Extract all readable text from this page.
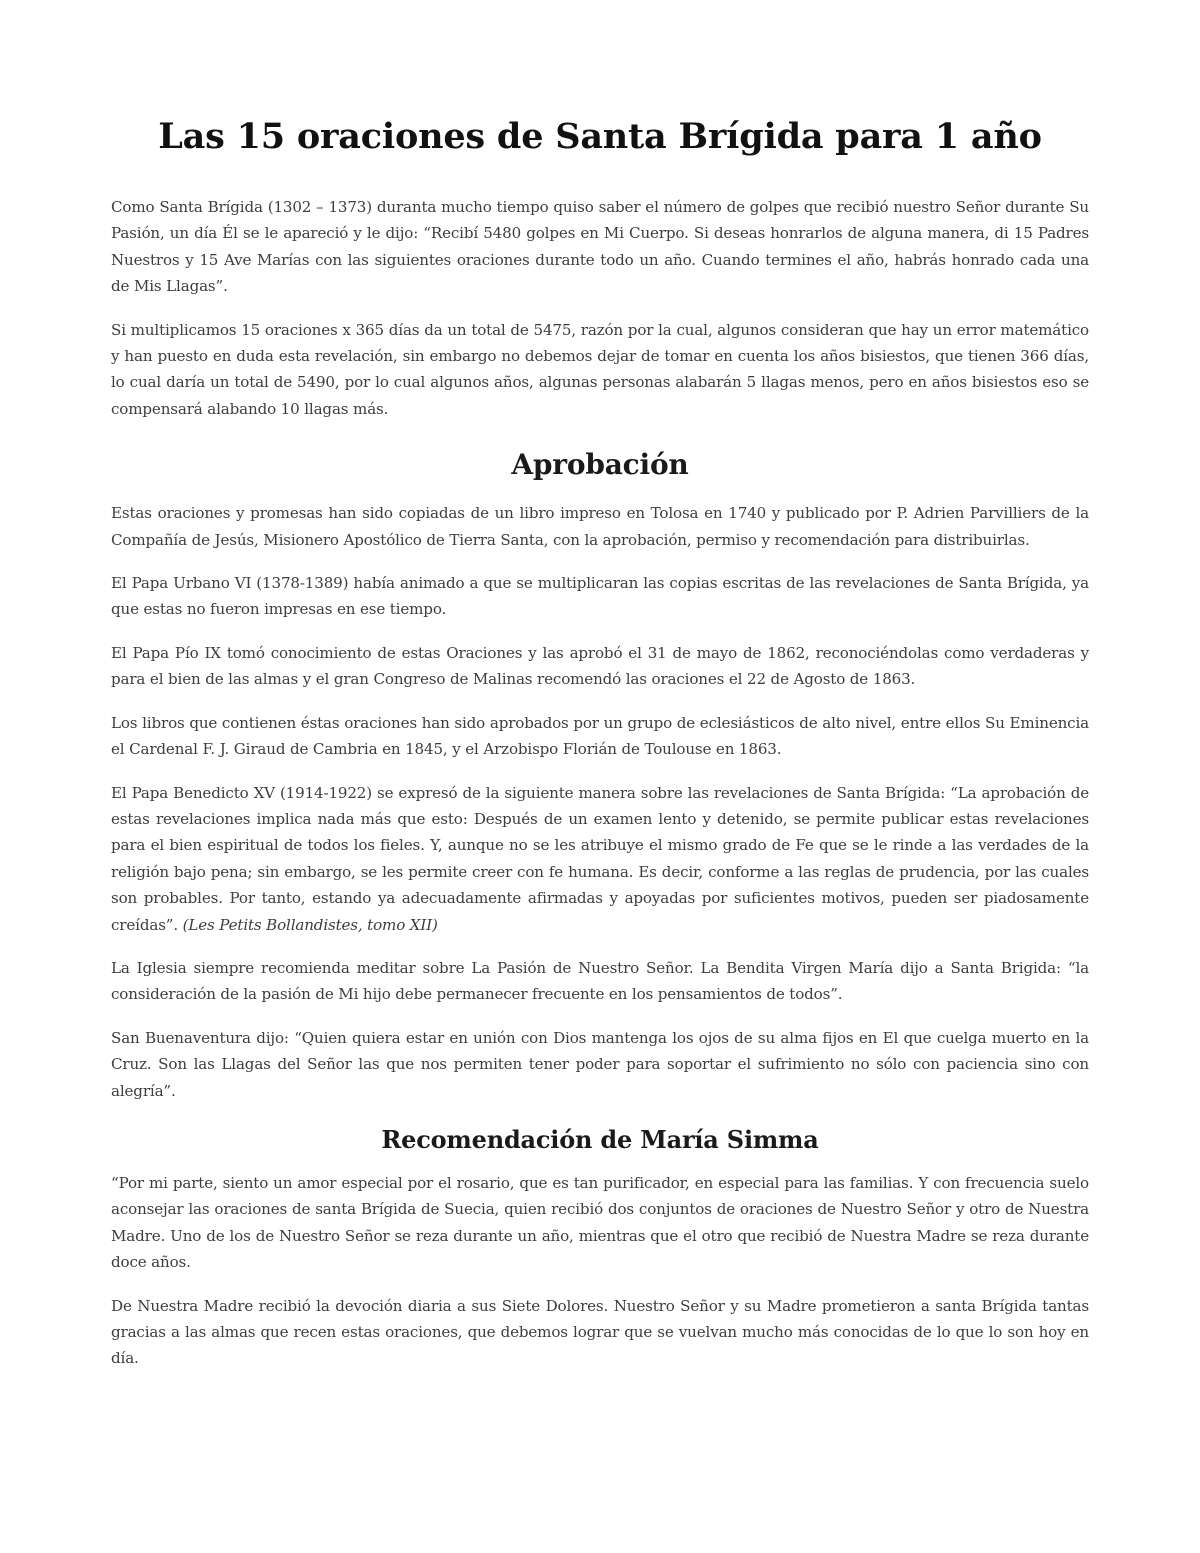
Las 15 oraciones de Santa Brígida para 1 año

Como Santa Brígida (1302 – 1373) duranta mucho tiempo quiso saber el número de golpes que recibió nuestro Señor durante Su Pasión, un día Él se le apareció y le dijo: “Recibí 5480 golpes en Mi Cuerpo. Si deseas honrarlos de alguna manera, di 15 Padres Nuestros y 15 Ave Marías con las siguientes oraciones durante todo un año. Cuando termines el año, habrás honrado cada una de Mis Llagas”.

Si multiplicamos 15 oraciones x 365 días da un total de 5475, razón por la cual, algunos consideran que hay un error matemático y han puesto en duda esta revelación, sin embargo no debemos dejar de tomar en cuenta los años bisiestos, que tienen 366 días, lo cual daría un total de 5490, por lo cual algunos años, algunas personas alabarán 5 llagas menos, pero en años bisiestos eso se compensará alabando 10 llagas más.

Aprobación

Estas oraciones y promesas han sido copiadas de un libro impreso en Tolosa en 1740 y publicado por P. Adrien Parvilliers de la Compañía de Jesús, Misionero Apostólico de Tierra Santa, con la aprobación, permiso y recomendación para distribuirlas.

El Papa Urbano VI (1378-1389) había animado a que se multiplicaran las copias escritas de las revelaciones de Santa Brígida, ya que estas no fueron impresas en ese tiempo.

El Papa Pío IX tomó conocimiento de estas Oraciones y las aprobó el 31 de mayo de 1862, reconociéndolas como verdaderas y para el bien de las almas y el gran Congreso de Malinas recomendó las oraciones el 22 de Agosto de 1863.

Los libros que contienen éstas oraciones han sido aprobados por un grupo de eclesiásticos de alto nivel, entre ellos Su Eminencia el Cardenal F. J. Giraud de Cambria en 1845, y el Arzobispo Florián de Toulouse en 1863.

El Papa Benedicto XV (1914-1922) se expresó de la siguiente manera sobre las revelaciones de Santa Brígida: “La aprobación de estas revelaciones implica nada más que esto: Después de un examen lento y detenido, se permite publicar estas revelaciones para el bien espiritual de todos los fieles. Y, aunque no se les atribuye el mismo grado de Fe que se le rinde a las verdades de la religión bajo pena; sin embargo, se les permite creer con fe humana. Es decir, conforme a las reglas de prudencia, por las cuales son probables. Por tanto, estando ya adecuadamente afirmadas y apoyadas por suficientes motivos, pueden ser piadosamente creídas”. (Les Petits Bollandistes, tomo XII)

La Iglesia siempre recomienda meditar sobre La Pasión de Nuestro Señor. La Bendita Virgen María dijo a Santa Brigida: “la consideración de la pasión de Mi hijo debe permanecer frecuente en los pensamientos de todos”.

San Buenaventura dijo: “Quien quiera estar en unión con Dios mantenga los ojos de su alma fijos en El que cuelga muerto en la Cruz. Son las Llagas del Señor las que nos permiten tener poder para soportar el sufrimiento no sólo con paciencia sino con alegría”.

Recomendación de María Simma

“Por mi parte, siento un amor especial por el rosario, que es tan purificador, en especial para las familias. Y con frecuencia suelo aconsejar las oraciones de santa Brígida de Suecia, quien recibió dos conjuntos de oraciones de Nuestro Señor y otro de Nuestra Madre. Uno de los de Nuestro Señor se reza durante un año, mientras que el otro que recibió de Nuestra Madre se reza durante doce años.

De Nuestra Madre recibió la devoción diaria a sus Siete Dolores. Nuestro Señor y su Madre prometieron a santa Brígida tantas gracias a las almas que recen estas oraciones, que debemos lograr que se vuelvan mucho más conocidas de lo que lo son hoy en día.
